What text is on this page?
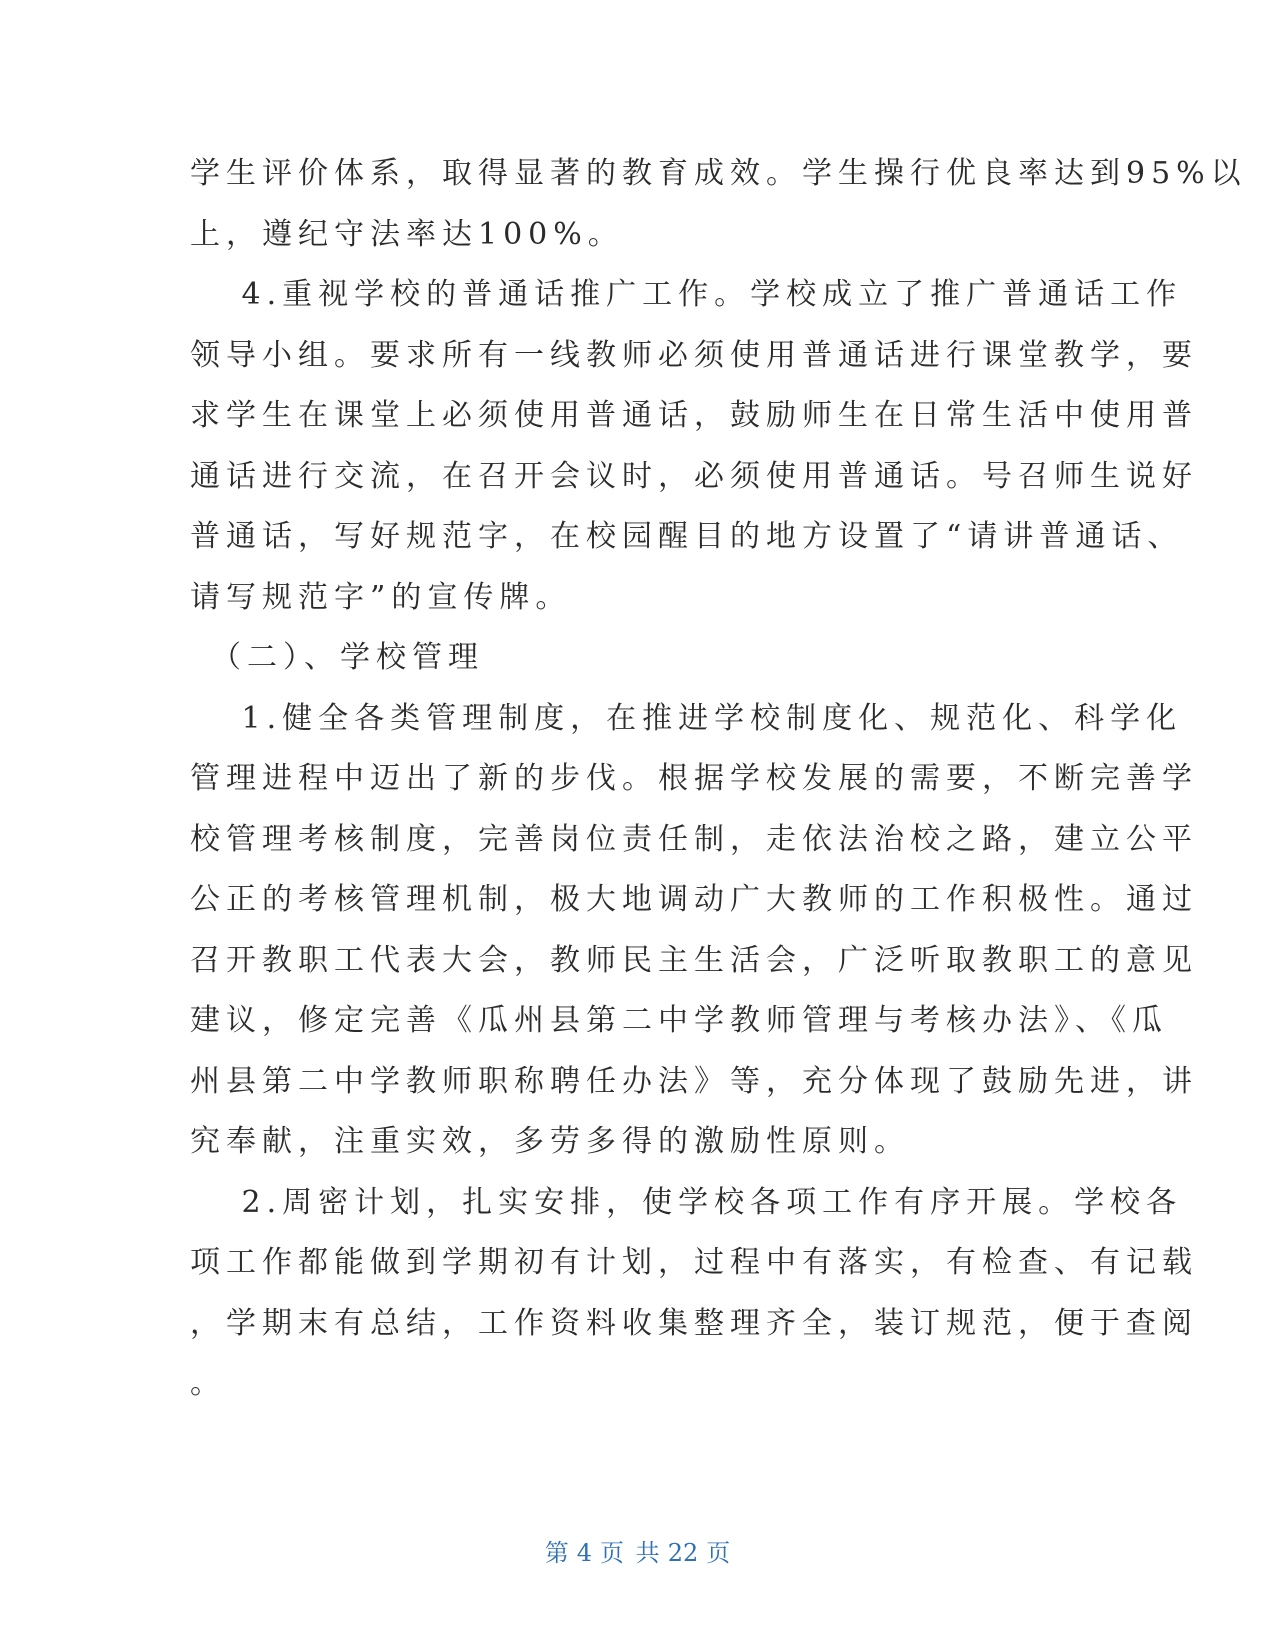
学生评价体系，取得显著的教育成效。学生操行优良率达到95%以

上，遵纪守法率达100%。

　 4.重视学校的普通话推广工作。学校成立了推广普通话工作

领导小组。要求所有一线教师必须使用普通话进行课堂教学，要

求学生在课堂上必须使用普通话，鼓励师生在日常生活中使用普

通话进行交流，在召开会议时，必须使用普通话。号召师生说好

普通话，写好规范字，在校园醒目的地方设置了“请讲普通话、

请写规范字”的宣传牌。

　（二）、学校管理

　 1.健全各类管理制度，在推进学校制度化、规范化、科学化

管理进程中迈出了新的步伐。根据学校发展的需要，不断完善学

校管理考核制度，完善岗位责任制，走依法治校之路，建立公平

公正的考核管理机制，极大地调动广大教师的工作积极性。通过

召开教职工代表大会，教师民主生活会，广泛听取教职工的意见

建议，修定完善《瓜州县第二中学教师管理与考核办法》、《瓜

州县第二中学教师职称聘任办法》等，充分体现了鼓励先进，讲

究奉献，注重实效，多劳多得的激励性原则。

　 2.周密计划，扎实安排，使学校各项工作有序开展。学校各

项工作都能做到学期初有计划，过程中有落实，有检查、有记载

，学期末有总结，工作资料收集整理齐全，装订规范，便于查阅

。

第 4 页 共 22 页
